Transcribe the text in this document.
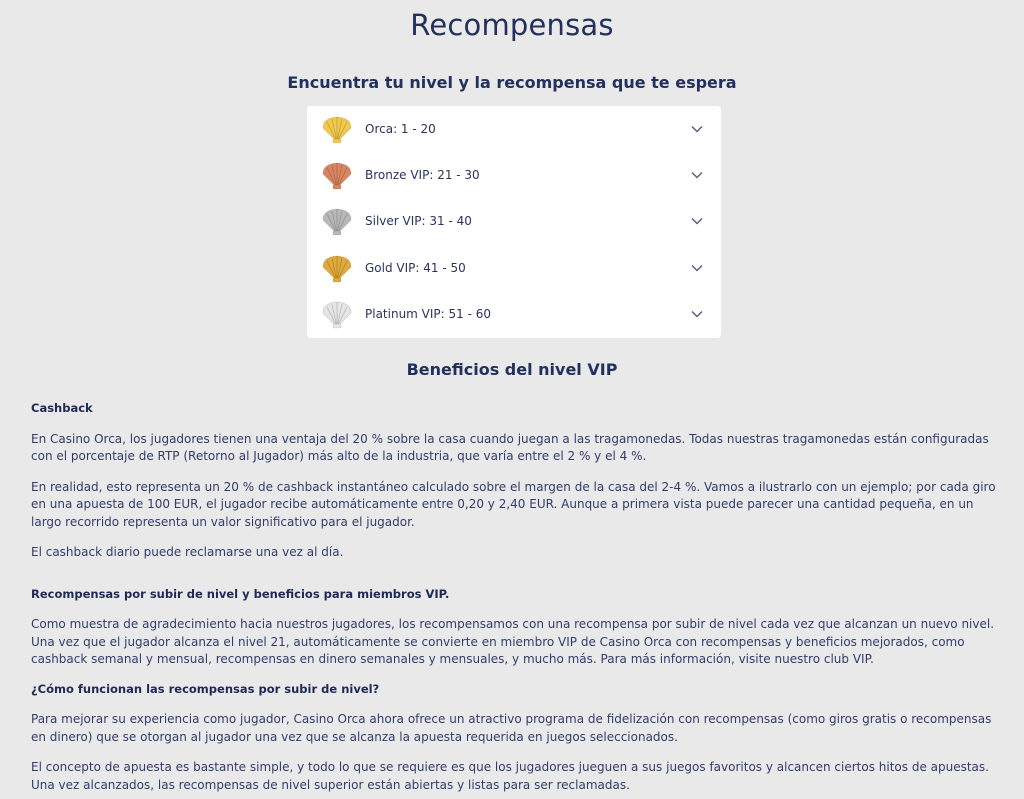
Recompensas
Encuentra tu nivel y la recompensa que te espera
Orca: 1 - 20
Bronze VIP: 21 - 30
Silver VIP: 31 - 40
Gold VIP: 41 - 50
Platinum VIP: 51 - 60
Beneficios del nivel VIP
Cashback

En Casino Orca, los jugadores tienen una ventaja del 20 % sobre la casa cuando juegan a las tragamonedas. Todas nuestras tragamonedas están configuradas con el porcentaje de RTP (Retorno al Jugador) más alto de la industria, que varía entre el 2 % y el 4 %.

En realidad, esto representa un 20 % de cashback instantáneo calculado sobre el margen de la casa del 2-4 %. Vamos a ilustrarlo con un ejemplo; por cada giro en una apuesta de 100 EUR, el jugador recibe automáticamente entre 0,20 y 2,40 EUR. Aunque a primera vista puede parecer una cantidad pequeña, en un largo recorrido representa un valor significativo para el jugador.

El cashback diario puede reclamarse una vez al día.

Recompensas por subir de nivel y beneficios para miembros VIP.

Como muestra de agradecimiento hacia nuestros jugadores, los recompensamos con una recompensa por subir de nivel cada vez que alcanzan un nuevo nivel. Una vez que el jugador alcanza el nivel 21, automáticamente se convierte en miembro VIP de Casino Orca con recompensas y beneficios mejorados, como cashback semanal y mensual, recompensas en dinero semanales y mensuales, y mucho más. Para más información, visite nuestro club VIP.

¿Cómo funcionan las recompensas por subir de nivel?

Para mejorar su experiencia como jugador, Casino Orca ahora ofrece un atractivo programa de fidelización con recompensas (como giros gratis o recompensas en dinero) que se otorgan al jugador una vez que se alcanza la apuesta requerida en juegos seleccionados.

El concepto de apuesta es bastante simple, y todo lo que se requiere es que los jugadores jueguen a sus juegos favoritos y alcancen ciertos hitos de apuestas. Una vez alcanzados, las recompensas de nivel superior están abiertas y listas para ser reclamadas.
